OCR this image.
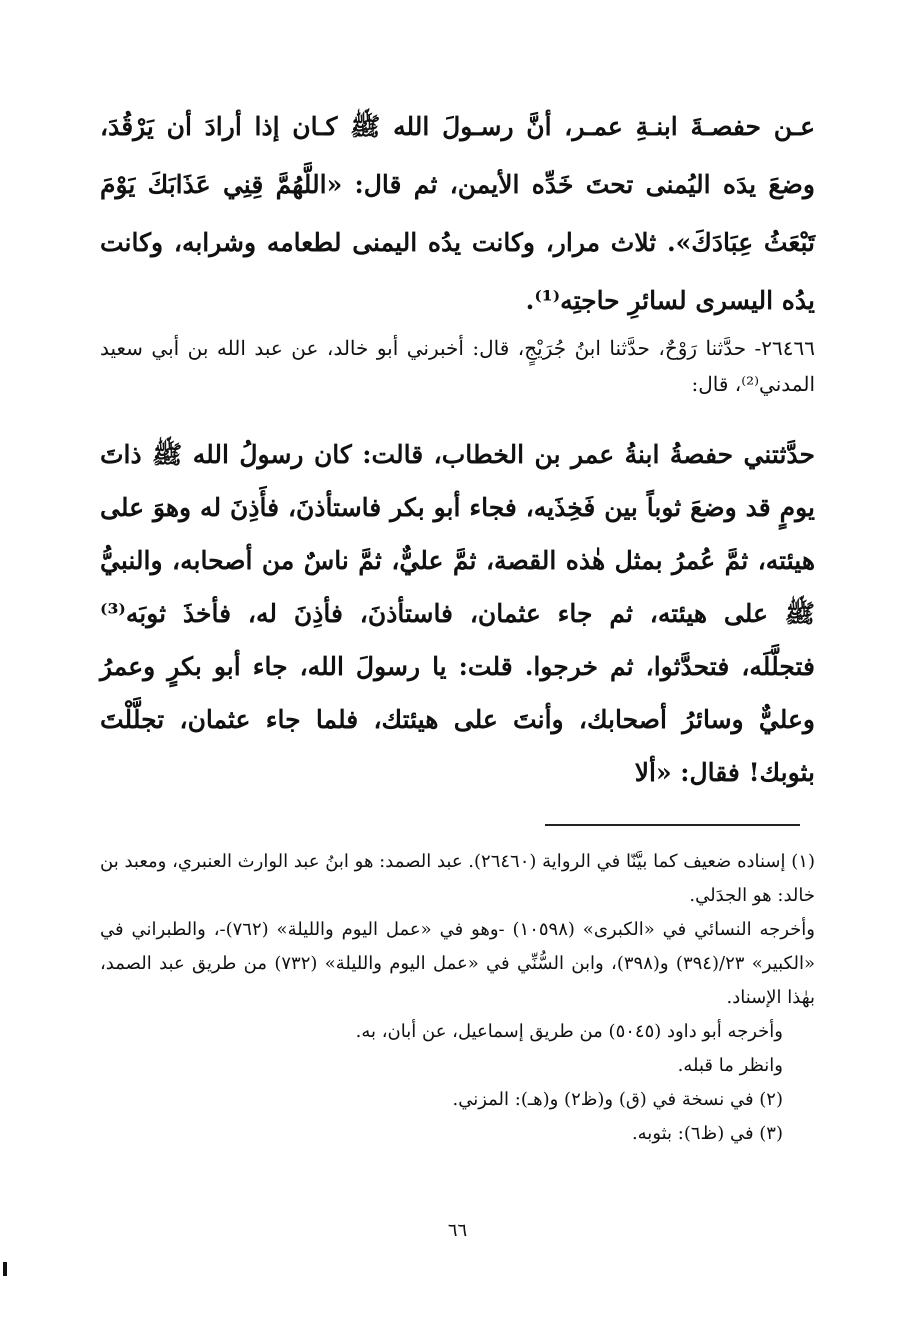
عـن حفصـةَ ابنـةِ عمـر، أنَّ رسـولَ الله ﷺ كـان إذا أرادَ أن يَرْقُدَ، وضعَ يدَه اليُمنى تحتَ خَدِّه الأيمن، ثم قال: «اللَّهُمَّ قِنِي عَذَابَكَ يَوْمَ تَبْعَثُ عِبَادَكَ». ثلاث مرار، وكانت يدُه اليمنى لطعامه وشرابه، وكانت يدُه اليسرى لسائرِ حاجتِه⁽¹⁾.

٢٦٤٦٦- حدَّثنا رَوْحٌ، حدَّثنا ابنُ جُرَيْجٍ، قال: أخبرني أبو خالد، عن عبد الله بن أبي سعيد المدني⁽²⁾، قال:

حدَّثتني حفصةُ ابنةُ عمر بن الخطاب، قالت: كان رسولُ الله ﷺ ذاتَ يومٍ قد وضعَ ثوباً بين فَخِذَيه، فجاء أبو بكر فاستأذنَ، فأَذِنَ له وهوَ على هيئته، ثمَّ عُمرُ بمثل هٰذه القصة، ثمَّ عليٌّ، ثمَّ ناسٌ من أصحابه، والنبيُّ ﷺ على هيئته، ثم جاء عثمان، فاستأذنَ، فأذِنَ له، فأخذَ ثوبَه⁽³⁾ فتجلَّلَه، فتحدَّثوا، ثم خرجوا. قلت: يا رسولَ الله، جاء أبو بكرٍ وعمرُ وعليٌّ وسائرُ أصحابك، وأنتَ على هيئتك، فلما جاء عثمان، تجلَّلْتَ بثوبك! فقال: «ألا

(١) إسناده ضعيف كما بيَّنّا في الرواية (٢٦٤٦٠). عبد الصمد: هو ابنُ عبد الوارث العنبري، ومعبد بن خالد: هو الجدَلي.

وأخرجه النسائي في «الكبرى» (١٠٥٩٨) -وهو في «عمل اليوم والليلة» (٧٦٢)-، والطبراني في «الكبير» ٢٣/(٣٩٤) و(٣٩٨)، وابن السُّنِّي في «عمل اليوم والليلة» (٧٣٢) من طريق عبد الصمد، بهٰذا الإسناد.

وأخرجه أبو داود (٥٠٤٥) من طريق إسماعيل، عن أبان، به.

وانظر ما قبله.

(٢) في نسخة في (ق) و(ظ٢) و(هـ): المزني.

(٣) في (ظ٦): بثوبه.

٦٦
